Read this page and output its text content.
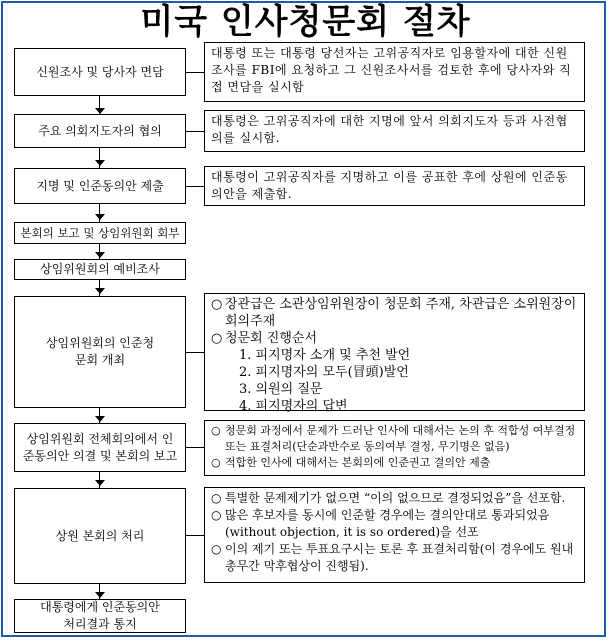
미국 인사청문회 절차
신원조사 및 당사자 면담

대통령 또는 대통령 당선자는 고위공직자로 임용할자에 대한 신원조사를 FBI에 요청하고 그 신원조사서를 검토한 후에 당사자와 직접 면담을 실시함

주요 의회지도자의 협의

대통령은 고위공직자에 대한 지명에 앞서 의회지도자 등과 사전협의를 실시함.

지명 및 인준동의안 제출

대통령이 고위공직자를 지명하고 이를 공표한 후에 상원에 인준동의안을 제출함.

본회의 보고 및 상임위원회 회부
상임위원회의 예비조사
상임위원회의 인준청문회 개최
○ 장관급은 소관상임위원장이 청문회 주재, 차관급은 소위원장이 회의주재
○ 청문회 진행순서
1. 피지명자 소개 및 추천 발언
2. 피지명자의 모두(冒頭)발언
3. 의원의 질문
4. 피지명자의 답변
상임위원회 전체회의에서 인준동의안 의결 및 본회의 보고
○ 청문회 과정에서 문제가 드러난 인사에 대해서는 논의 후 적합성 여부결정 또는 표결처리(단순과반수로 동의여부 결정, 무기명은 없음)
○ 적합한 인사에 대해서는 본회의에 인준권고 결의안 제출
상원 본회의 처리
○ 특별한 문제제기가 없으면 “이의 없으므로 결정되었음”을 선포함.
○ 많은 후보자를 동시에 인준할 경우에는 결의안대로 통과되었음(without objection, it is so ordered)을 선포
○ 이의 제기 또는 투표요구시는 토론 후 표결처리함(이 경우에도 원내총무간 막후협상이 진행됨).
대통령에게 인준동의안 처리결과 통지
